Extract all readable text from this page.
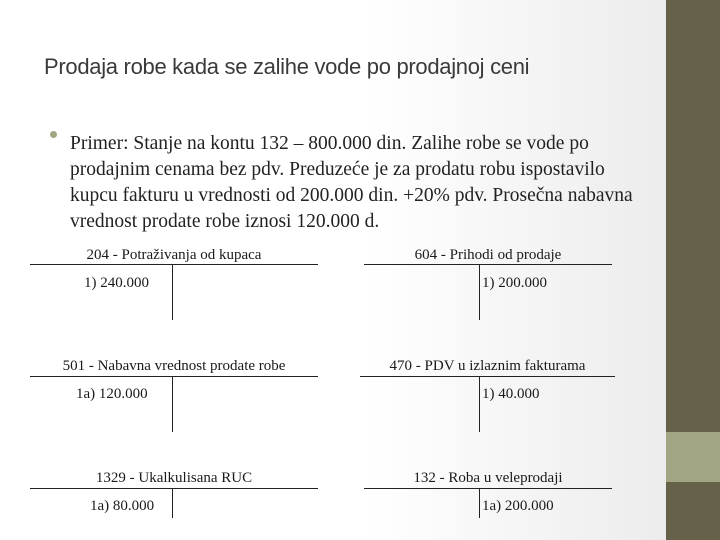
Prodaja robe kada se zalihe vode po prodajnoj ceni
Primer: Stanje na kontu 132 – 800.000 din. Zalihe robe se vode po prodajnim cenama bez pdv. Preduzeće je za prodatu robu ispostavilo kupcu fakturu u vrednosti od 200.000 din. +20% pdv. Prosečna nabavna vrednost prodate robe iznosi 120.000 d.
204 - Potraživanja od kupaca
1) 240.000
604 - Prihodi od prodaje
1) 200.000
501 - Nabavna vrednost prodate robe
1a) 120.000
470 - PDV u izlaznim fakturama
1) 40.000
1329 - Ukalkulisana RUC
1a) 80.000
132 - Roba u veleprodaji
1a) 200.000
